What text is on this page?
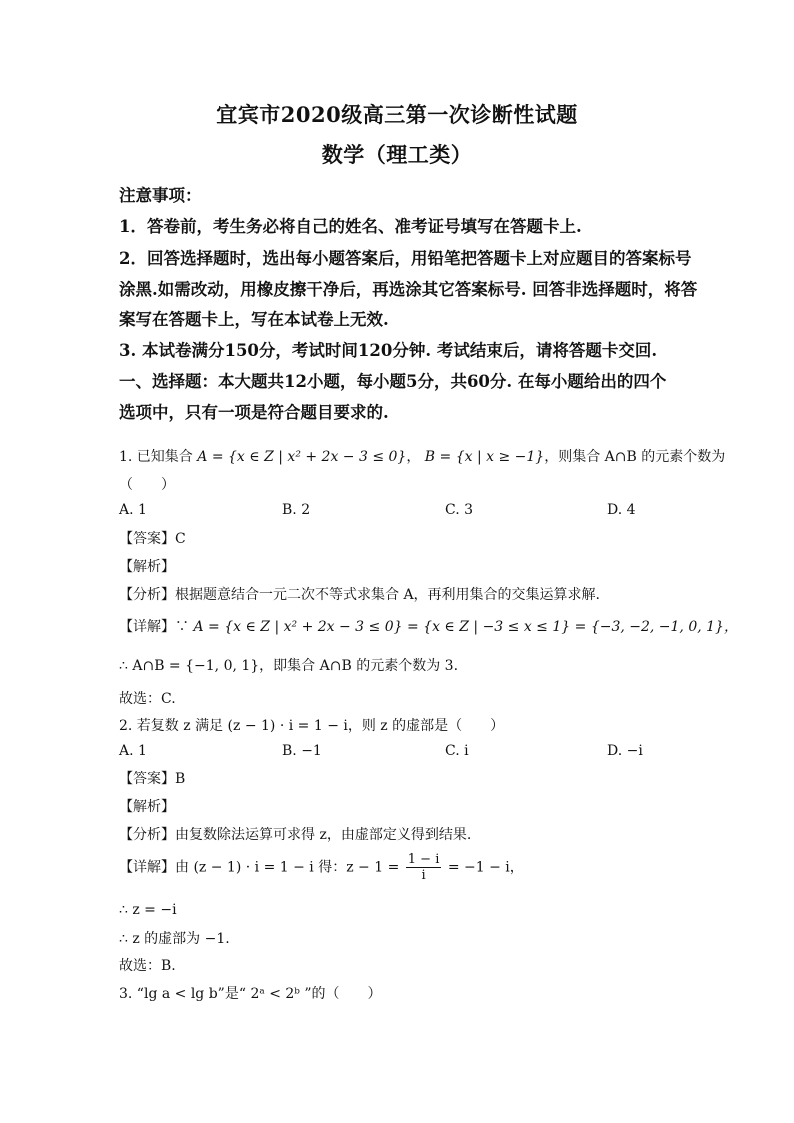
宜宾市2020级高三第一次诊断性试题
数学（理工类）
注意事项：
1．答卷前，考生务必将自己的姓名、准考证号填写在答题卡上.
2．回答选择题时，选出每小题答案后，用铅笔把答题卡上对应题目的答案标号
涂黑.如需改动，用橡皮擦干净后，再选涂其它答案标号. 回答非选择题时，将答
案写在答题卡上，写在本试卷上无效.
3. 本试卷满分150分，考试时间120分钟. 考试结束后，请将答题卡交回.
一、选择题：本大题共12小题，每小题5分，共60分. 在每小题给出的四个
选项中，只有一项是符合题目要求的.
1. 已知集合 A = {x ∈ Z | x² + 2x − 3 ≤ 0}， B = {x | x ≥ −1}，则集合 A∩B 的元素个数为
（　　）
A. 1	B. 2	C. 3	D. 4
【答案】C
【解析】
【分析】根据题意结合一元二次不等式求集合 A，再利用集合的交集运算求解.
【详解】∵ A = {x ∈ Z | x² + 2x − 3 ≤ 0} = {x ∈ Z | −3 ≤ x ≤ 1} = {−3, −2, −1, 0, 1}，
∴ A∩B = {−1, 0, 1}，即集合 A∩B 的元素个数为 3.
故选：C.
2. 若复数 z 满足 (z − 1) · i = 1 − i，则 z 的虚部是（　　）
A. 1	B. −1	C. i	D. −i
【答案】B
【解析】
【分析】由复数除法运算可求得 z，由虚部定义得到结果.
【详解】由 (z − 1) · i = 1 − i 得：$z - 1 = \frac{1 - i}{i} = -1 - i$，
∴ z = −i
∴ z 的虚部为 −1.
故选：B.
3. “lg a < lg b”是“ 2ᵃ < 2ᵇ ”的（　　）
